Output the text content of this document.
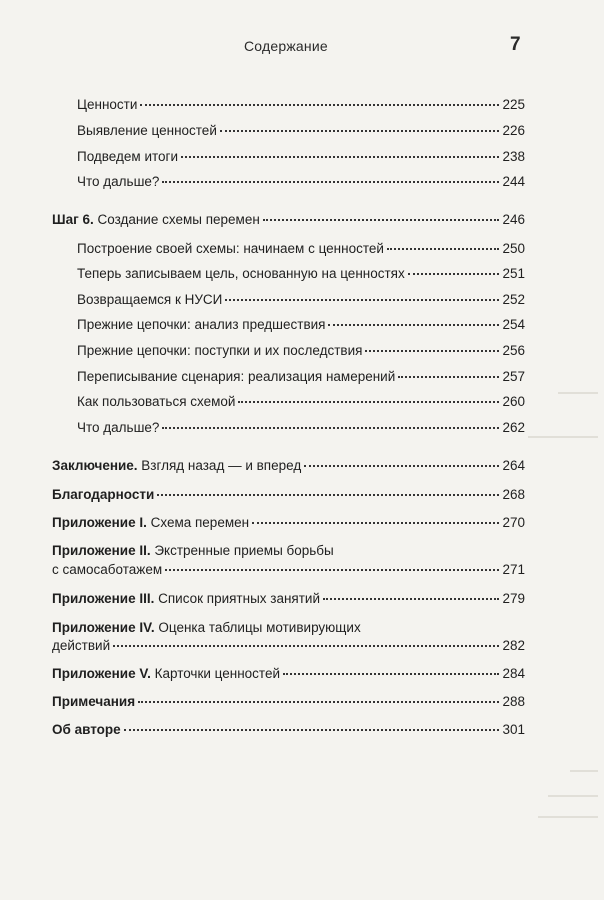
Содержание	7
Ценности	225
Выявление ценностей	226
Подведем итоги	238
Что дальше?	244
Шаг 6. Создание схемы перемен	246
Построение своей схемы: начинаем с ценностей	250
Теперь записываем цель, основанную на ценностях	251
Возвращаемся к НУСИ	252
Прежние цепочки: анализ предшествия	254
Прежние цепочки: поступки и их последствия	256
Переписывание сценария: реализация намерений	257
Как пользоваться схемой	260
Что дальше?	262
Заключение. Взгляд назад — и вперед	264
Благодарности	268
Приложение I. Схема перемен	270
Приложение II. Экстренные приемы борьбы
с самосаботажем	271
Приложение III. Список приятных занятий	279
Приложение IV. Оценка таблицы мотивирующих
действий	282
Приложение V. Карточки ценностей	284
Примечания	288
Об авторе	301
